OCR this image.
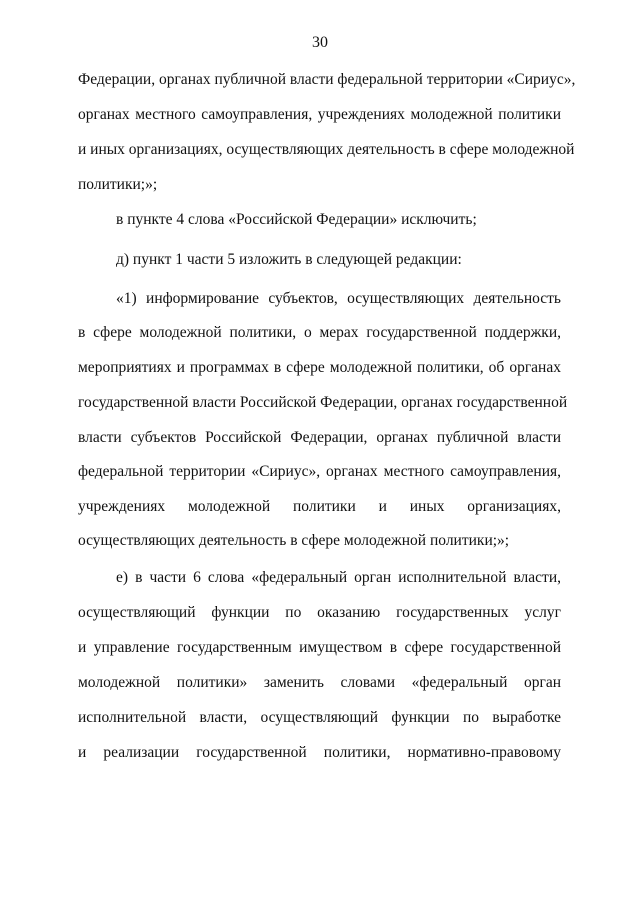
30
Федерации, органах публичной власти федеральной территории «Сириус»,
органах местного самоуправления, учреждениях молодежной политики
и иных организациях, осуществляющих деятельность в сфере молодежной
политики;»;
в пункте 4 слова «Российской Федерации» исключить;
д) пункт 1 части 5 изложить в следующей редакции:
«1) информирование субъектов, осуществляющих деятельность
в сфере молодежной политики, о мерах государственной поддержки,
мероприятиях и программах в сфере молодежной политики, об органах
государственной власти Российской Федерации, органах государственной
власти субъектов Российской Федерации, органах публичной власти
федеральной территории «Сириус», органах местного самоуправления,
учреждениях молодежной политики и иных организациях,
осуществляющих деятельность в сфере молодежной политики;»;
е) в части 6 слова «федеральный орган исполнительной власти,
осуществляющий функции по оказанию государственных услуг
и управление государственным имуществом в сфере государственной
молодежной политики» заменить словами «федеральный орган
исполнительной власти, осуществляющий функции по выработке
и реализации государственной политики, нормативно-правовому
